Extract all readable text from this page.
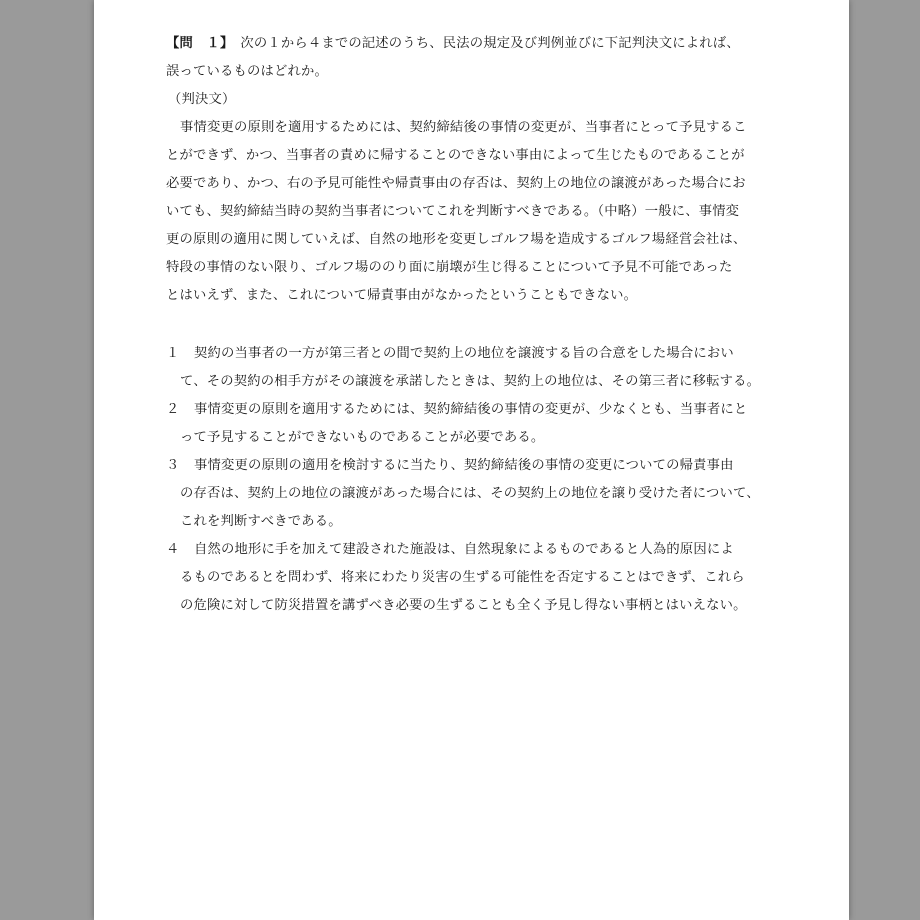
【問　１】　 次の１から４までの記述のうち、民法の規定及び判例並びに下記判決文によれば、
誤っているものはどれか。
（判決文）
事情変更の原則を適用するためには、契約締結後の事情の変更が、当事者にとって予見するこ
とができず、かつ、当事者の責めに帰することのできない事由によって生じたものであることが
必要であり、かつ、右の予見可能性や帰責事由の存否は、契約上の地位の譲渡があった場合にお
いても、契約締結当時の契約当事者についてこれを判断すべきである。（中略）一般に、事情変
更の原則の適用に関していえば、自然の地形を変更しゴルフ場を造成するゴルフ場経営会社は、
特段の事情のない限り、ゴルフ場ののり面に崩壊が生じ得ることについて予見不可能であった
とはいえず、また、これについて帰責事由がなかったということもできない。
１ 契約の当事者の一方が第三者との間で契約上の地位を譲渡する旨の合意をした場合におい
て、その契約の相手方がその譲渡を承諾したときは、契約上の地位は、その第三者に移転する。
２ 事情変更の原則を適用するためには、契約締結後の事情の変更が、少なくとも、当事者にと
って予見することができないものであることが必要である。
３ 事情変更の原則の適用を検討するに当たり、契約締結後の事情の変更についての帰責事由
の存否は、契約上の地位の譲渡があった場合には、その契約上の地位を譲り受けた者について、
これを判断すべきである。
４ 自然の地形に手を加えて建設された施設は、自然現象によるものであると人為的原因によ
るものであるとを問わず、将来にわたり災害の生ずる可能性を否定することはできず、これら
の危険に対して防災措置を講ずべき必要の生ずることも全く予見し得ない事柄とはいえない。
